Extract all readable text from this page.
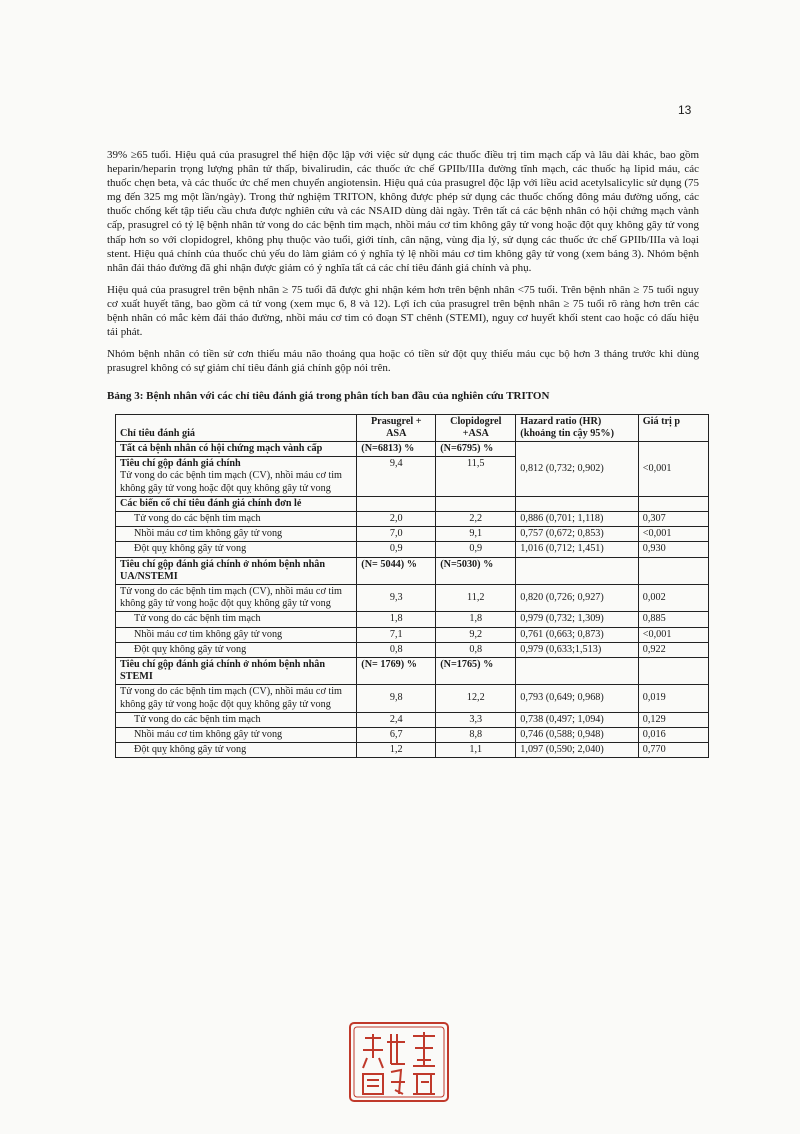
13

39% ≥65 tuổi. Hiệu quả của prasugrel thể hiện độc lập với việc sử dụng các thuốc điều trị tim mạch cấp và lâu dài khác, bao gồm heparin/heparin trọng lượng phân tử thấp, bivalirudin, các thuốc ức chế GPIIb/IIIa đường tĩnh mạch, các thuốc hạ lipid máu, các thuốc chẹn beta, và các thuốc ức chế men chuyển angiotensin. Hiệu quả của prasugrel độc lập với liều acid acetylsalicylic sử dụng (75 mg đến 325 mg một lần/ngày). Trong thử nghiệm TRITON, không được phép sử dụng các thuốc chống đông máu đường uống, các thuốc chống kết tập tiểu cầu chưa được nghiên cứu và các NSAID dùng dài ngày. Trên tất cả các bệnh nhân có hội chứng mạch vành cấp, prasugrel có tỷ lệ bệnh nhân tử vong do các bệnh tim mạch, nhồi máu cơ tim không gây tử vong hoặc đột quỵ không gây tử vong thấp hơn so với clopidogrel, không phụ thuộc vào tuổi, giới tính, cân nặng, vùng địa lý, sử dụng các thuốc ức chế GPIIb/IIIa và loại stent. Hiệu quả chính của thuốc chủ yếu do làm giảm có ý nghĩa tỷ lệ nhồi máu cơ tim không gây tử vong (xem bảng 3). Nhóm bệnh nhân đái tháo đường đã ghi nhận được giảm có ý nghĩa tất cả các chỉ tiêu đánh giá chính và phụ.

Hiệu quả của prasugrel trên bệnh nhân ≥ 75 tuổi đã được ghi nhận kém hơn trên bệnh nhân <75 tuổi. Trên bệnh nhân ≥ 75 tuổi nguy cơ xuất huyết tăng, bao gồm cả tử vong (xem mục 6, 8 và 12). Lợi ích của prasugrel trên bệnh nhân ≥ 75 tuổi rõ ràng hơn trên các bệnh nhân có mắc kèm đái tháo đường, nhồi máu cơ tim có đoạn ST chênh (STEMI), nguy cơ huyết khối stent cao hoặc có dấu hiệu tái phát.

Nhóm bệnh nhân có tiền sử cơn thiếu máu não thoáng qua hoặc có tiền sử đột quỵ thiếu máu cục bộ hơn 3 tháng trước khi dùng prasugrel không có sự giảm chỉ tiêu đánh giá chính gộp nói trên.

Bảng 3: Bệnh nhân với các chỉ tiêu đánh giá trong phân tích ban đầu của nghiên cứu TRITON
Chỉ tiêu đánh giá	Prasugrel + ASA	Clopidogrel +ASA	Hazard ratio (HR) (khoảng tin cậy 95%)	Giá trị p
Tất cả bệnh nhân có hội chứng mạch vành cấp	(N=6813) %	(N=6795) %	0,812 (0,732; 0,902)	<0,001

Tiêu chí gộp đánh giá chính
Tử vong do các bệnh tim mạch (CV), nhồi máu cơ tim không gây tử vong hoặc đột quỵ không gây tử vong	9,4	11,5		
Các biến cố chỉ tiêu đánh giá chính đơn lẻ				
Tử vong do các bệnh tim mạch	2,0	2,2	0,886 (0,701; 1,118)	0,307
Nhồi máu cơ tim không gây tử vong	7,0	9,1	0,757 (0,672; 0,853)	<0,001
Đột quỵ không gây tử vong	0,9	0,9	1,016 (0,712; 1,451)	0,930
Tiêu chí gộp đánh giá chính ở nhóm bệnh nhân UA/NSTEMI	(N= 5044) %	(N=5030) %		
Tử vong do các bệnh tim mạch (CV), nhồi máu cơ tim không gây tử vong hoặc đột quỵ không gây tử vong	9,3	11,2	0,820 (0,726; 0,927)	0,002
Tử vong do các bệnh tim mạch	1,8	1,8	0,979 (0,732; 1,309)	0,885
Nhồi máu cơ tim không gây tử vong	7,1	9,2	0,761 (0,663; 0,873)	<0,001
Đột quỵ không gây tử vong	0,8	0,8	0,979 (0,633;1,513)	0,922
Tiêu chí gộp đánh giá chính ở nhóm bệnh nhân STEMI	(N= 1769) %	(N=1765) %		
Tử vong do các bệnh tim mạch (CV), nhồi máu cơ tim không gây tử vong hoặc đột quỵ không gây tử vong	9,8	12,2	0,793 (0,649; 0,968)	0,019
Tử vong do các bệnh tim mạch	2,4	3,3	0,738 (0,497; 1,094)	0,129
Nhồi máu cơ tim không gây tử vong	6,7	8,8	0,746 (0,588; 0,948)	0,016
Đột quỵ không gây tử vong	1,2	1,1	1,097 (0,590; 2,040)	0,770
